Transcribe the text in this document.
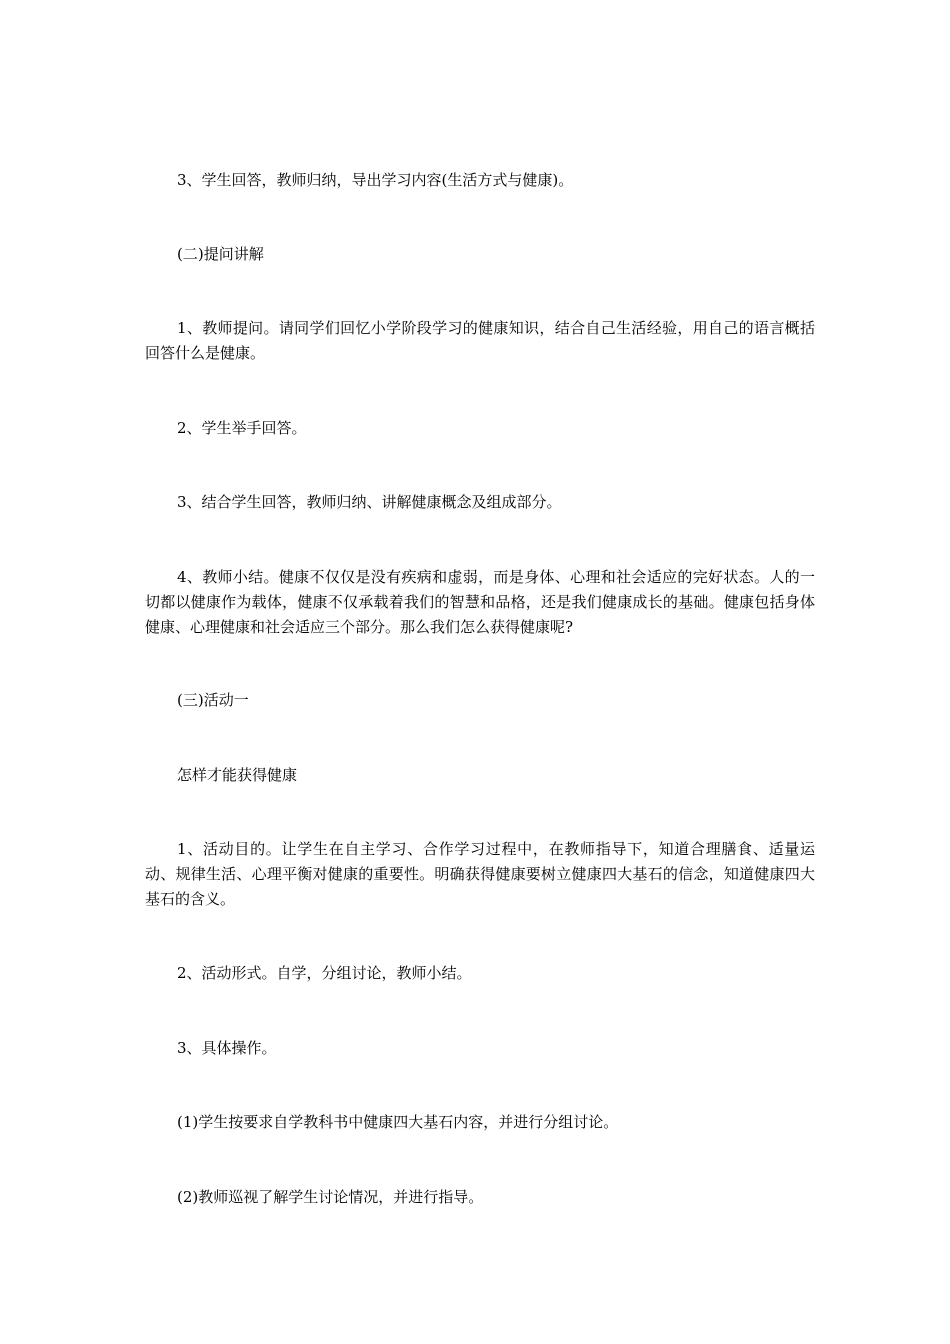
3、学生回答，教师归纳，导出学习内容(生活方式与健康)。

(二)提问讲解

1、教师提问。请同学们回忆小学阶段学习的健康知识，结合自己生活经验，用自己的语言概括回答什么是健康。

2、学生举手回答。

3、结合学生回答，教师归纳、讲解健康概念及组成部分。

4、教师小结。健康不仅仅是没有疾病和虚弱，而是身体、心理和社会适应的完好状态。人的一切都以健康作为载体，健康不仅承载着我们的智慧和品格，还是我们健康成长的基础。健康包括身体健康、心理健康和社会适应三个部分。那么我们怎么获得健康呢?

(三)活动一

怎样才能获得健康

1、活动目的。让学生在自主学习、合作学习过程中，在教师指导下，知道合理膳食、适量运动、规律生活、心理平衡对健康的重要性。明确获得健康要树立健康四大基石的信念，知道健康四大基石的含义。

2、活动形式。自学，分组讨论，教师小结。

3、具体操作。

(1)学生按要求自学教科书中健康四大基石内容，并进行分组讨论。

(2)教师巡视了解学生讨论情况，并进行指导。
